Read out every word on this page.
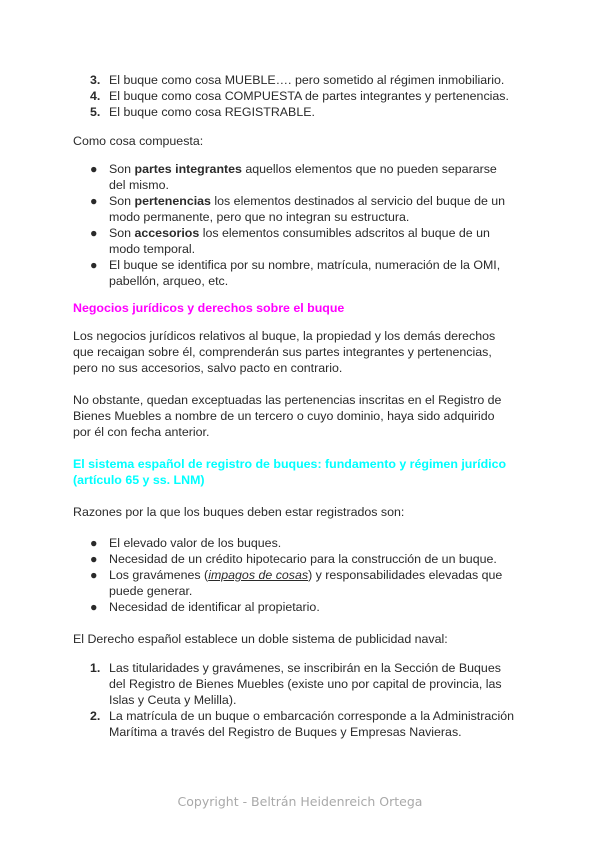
3. El buque como cosa MUEBLE…. pero sometido al régimen inmobiliario.
4. El buque como cosa COMPUESTA de partes integrantes y pertenencias.
5. El buque como cosa REGISTRABLE.

Como cosa compuesta:

● Son partes integrantes aquellos elementos que no pueden separarse del mismo.
● Son pertenencias los elementos destinados al servicio del buque de un modo permanente, pero que no integran su estructura.
● Son accesorios los elementos consumibles adscritos al buque de un modo temporal.
● El buque se identifica por su nombre, matrícula, numeración de la OMI, pabellón, arqueo, etc.

Negocios jurídicos y derechos sobre el buque

Los negocios jurídicos relativos al buque, la propiedad y los demás derechos que recaigan sobre él, comprenderán sus partes integrantes y pertenencias, pero no sus accesorios, salvo pacto en contrario.

No obstante, quedan exceptuadas las pertenencias inscritas en el Registro de Bienes Muebles a nombre de un tercero o cuyo dominio, haya sido adquirido por él con fecha anterior.

El sistema español de registro de buques: fundamento y régimen jurídico (artículo 65 y ss. LNM)

Razones por la que los buques deben estar registrados son:

● El elevado valor de los buques.
● Necesidad de un crédito hipotecario para la construcción de un buque.
● Los gravámenes (impagos de cosas) y responsabilidades elevadas que puede generar.
● Necesidad de identificar al propietario.

El Derecho español establece un doble sistema de publicidad naval:

1. Las titularidades y gravámenes, se inscribirán en la Sección de Buques del Registro de Bienes Muebles (existe uno por capital de provincia, las Islas y Ceuta y Melilla).
2. La matrícula de un buque o embarcación corresponde a la Administración Marítima a través del Registro de Buques y Empresas Navieras.
Copyright - Beltrán Heidenreich Ortega
